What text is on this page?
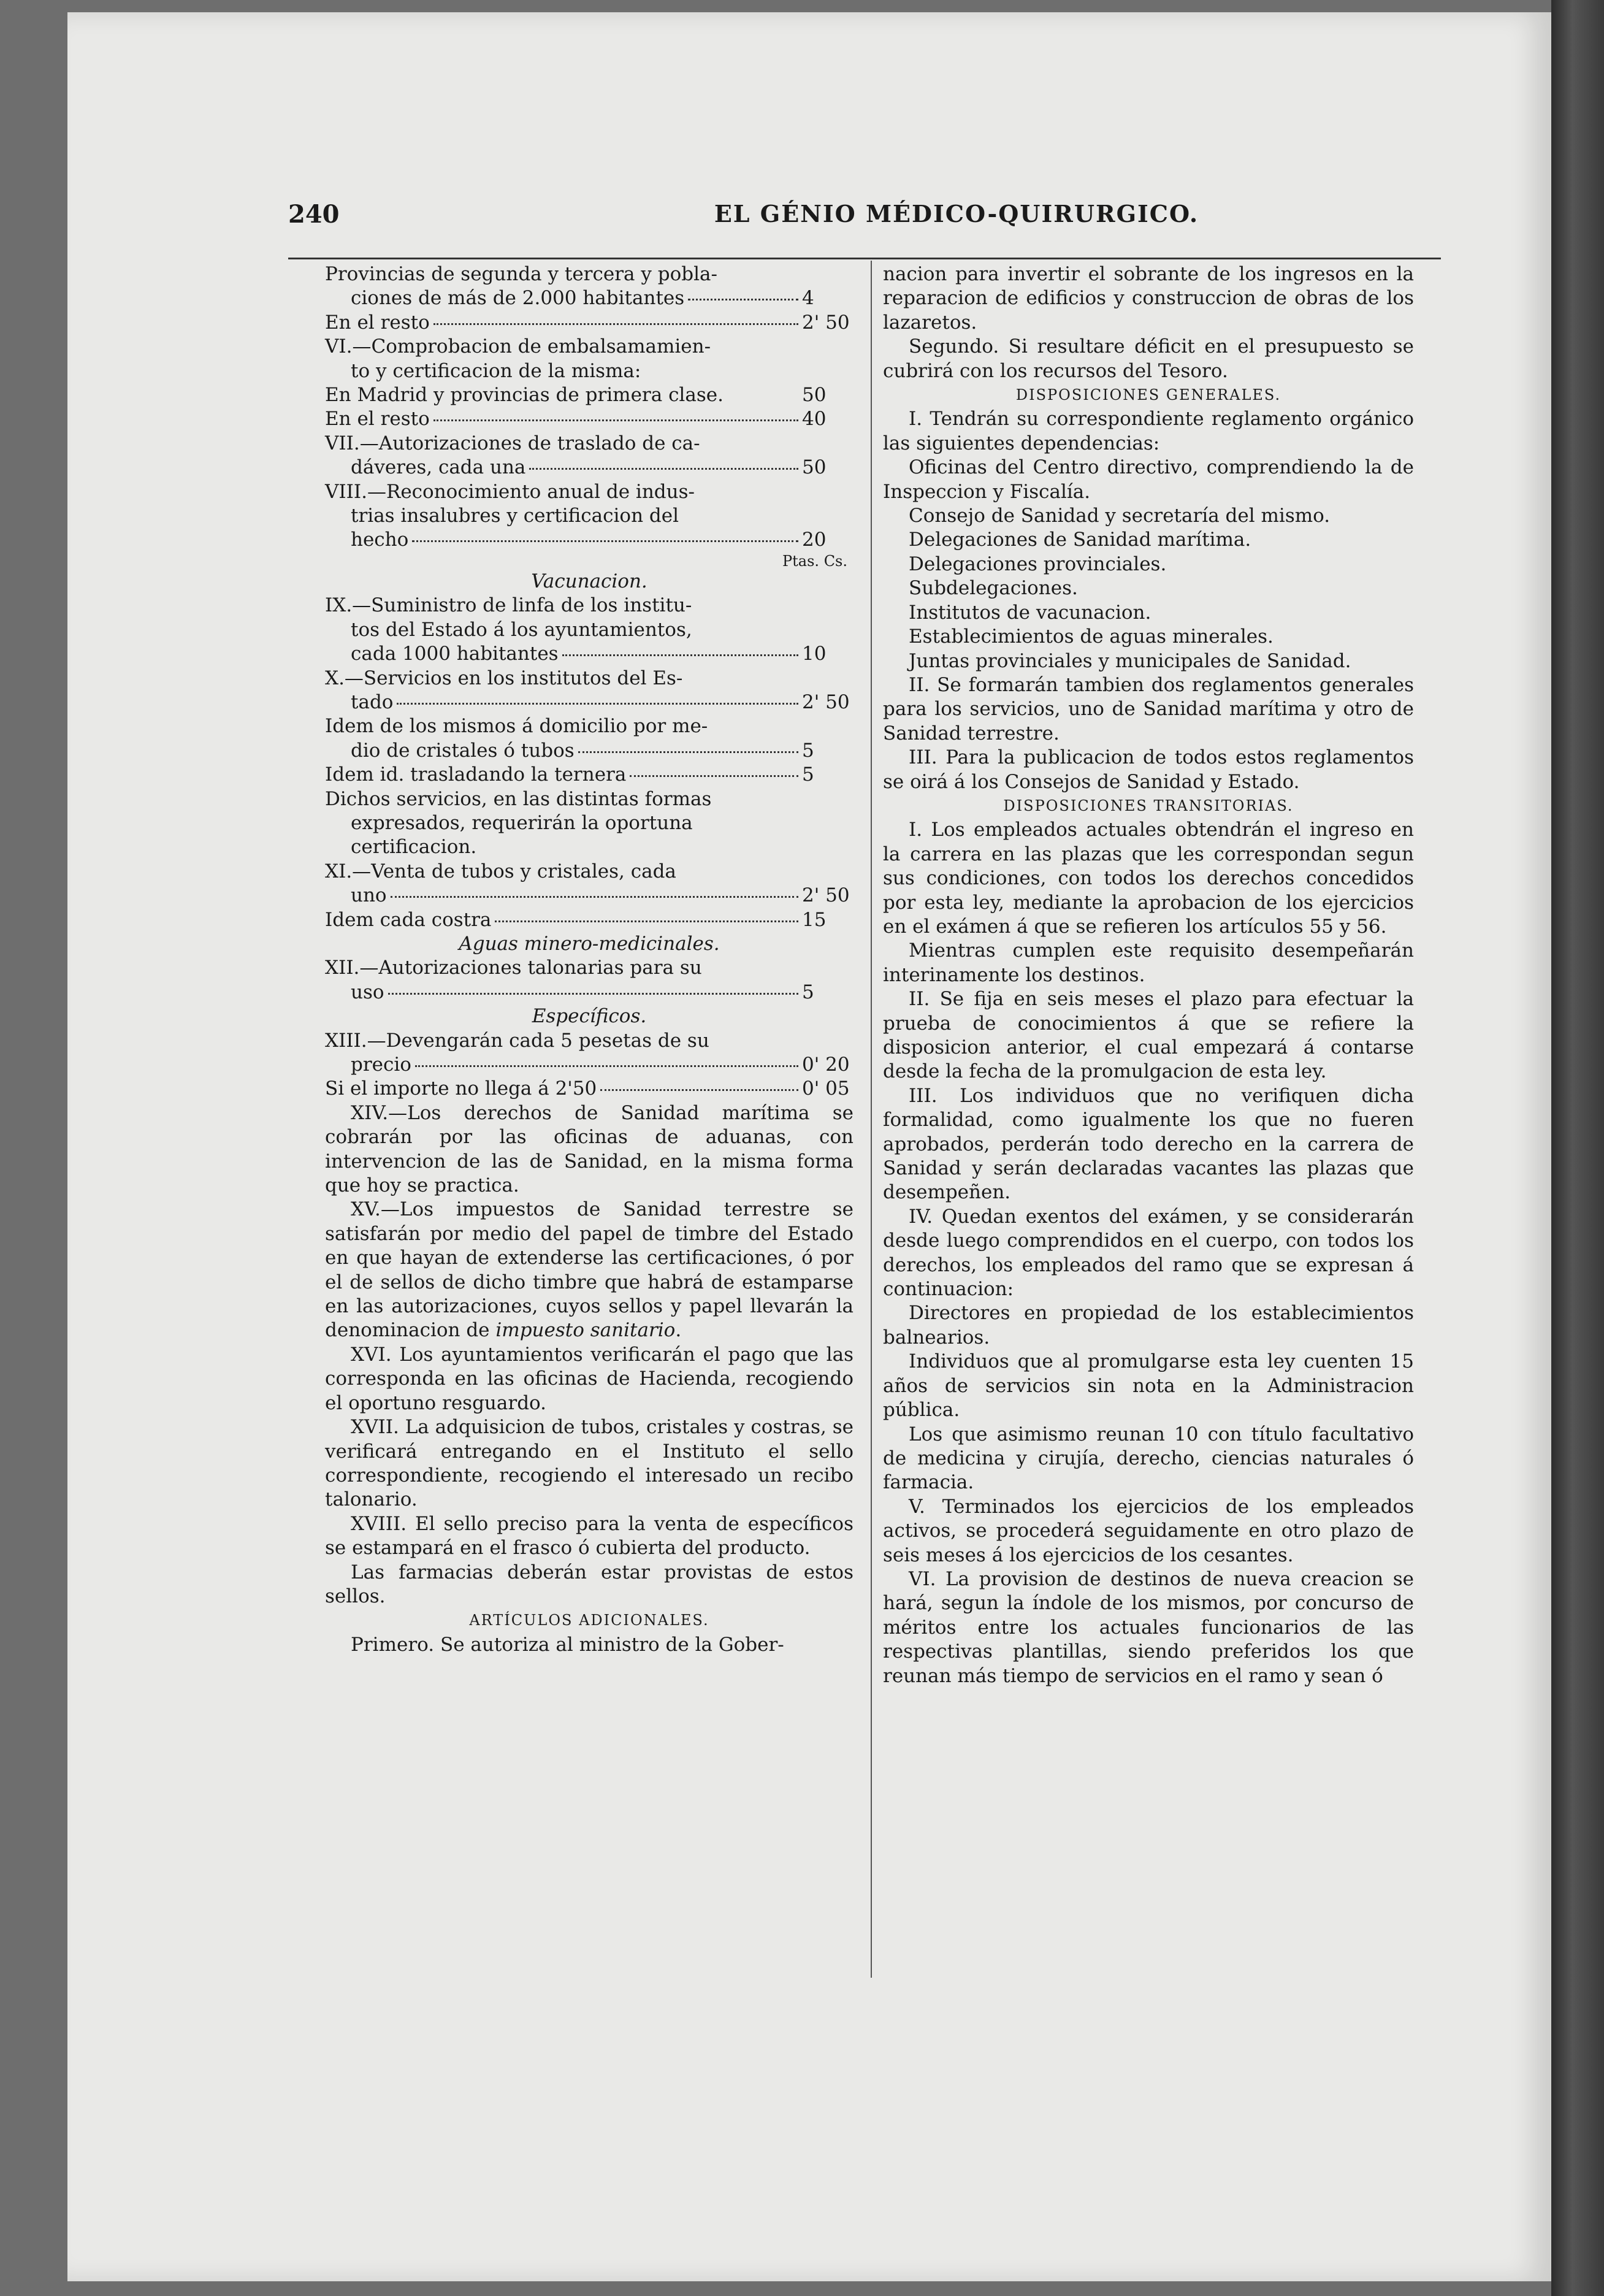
240	EL GÉNIO MÉDICO-QUIRURGICO.
Provincias de segunda y tercera y pobla-
ciones de más de 2.000 habitantes	4
En el resto	2' 50
VI.—Comprobacion de embalsamamien-
to y certificacion de la misma:
En Madrid y provincias de primera clase.	50
En el resto	40
VII.—Autorizaciones de traslado de ca-
dáveres, cada una	50
VIII.—Reconocimiento anual de indus-
trias insalubres y certificacion del
hecho	20
Ptas. Cs.
Vacunacion.
IX.—Suministro de linfa de los institu-
tos del Estado á los ayuntamientos,
cada 1000 habitantes	10
X.—Servicios en los institutos del Es-
tado	2' 50
Idem de los mismos á domicilio por me-
dio de cristales ó tubos	5
Idem id. trasladando la ternera	5
Dichos servicios, en las distintas formas
expresados, requerirán la oportuna
certificacion.
XI.—Venta de tubos y cristales, cada
uno	2' 50
Idem cada costra	15
Aguas minero-medicinales.
XII.—Autorizaciones talonarias para su
uso	5
Específicos.
XIII.—Devengarán cada 5 pesetas de su
precio	0' 20
Si el importe no llega á 2'50	0' 05

XIV.—Los derechos de Sanidad marítima se cobrarán por las oficinas de aduanas, con intervencion de las de Sanidad, en la misma forma que hoy se practica.

XV.—Los impuestos de Sanidad terrestre se satisfarán por medio del papel de timbre del Estado en que hayan de extenderse las certificaciones, ó por el de sellos de dicho timbre que habrá de estamparse en las autorizaciones, cuyos sellos y papel llevarán la denominacion de impuesto sanitario.

XVI. Los ayuntamientos verificarán el pago que las corresponda en las oficinas de Hacienda, recogiendo el oportuno resguardo.

XVII. La adquisicion de tubos, cristales y costras, se verificará entregando en el Instituto el sello correspondiente, recogiendo el interesado un recibo talonario.

XVIII. El sello preciso para la venta de específicos se estampará en el frasco ó cubierta del producto.

Las farmacias deberán estar provistas de estos sellos.

ARTÍCULOS ADICIONALES.

Primero. Se autoriza al ministro de la Gober-

nacion para invertir el sobrante de los ingresos en la reparacion de edificios y construccion de obras de los lazaretos.

Segundo. Si resultare déficit en el presupuesto se cubrirá con los recursos del Tesoro.

DISPOSICIONES GENERALES.

I. Tendrán su correspondiente reglamento orgánico las siguientes dependencias:

Oficinas del Centro directivo, comprendiendo la de Inspeccion y Fiscalía.

Consejo de Sanidad y secretaría del mismo.

Delegaciones de Sanidad marítima.

Delegaciones provinciales.

Subdelegaciones.

Institutos de vacunacion.

Establecimientos de aguas minerales.

Juntas provinciales y municipales de Sanidad.

II. Se formarán tambien dos reglamentos generales para los servicios, uno de Sanidad marítima y otro de Sanidad terrestre.

III. Para la publicacion de todos estos reglamentos se oirá á los Consejos de Sanidad y Estado.

DISPOSICIONES TRANSITORIAS.

I. Los empleados actuales obtendrán el ingreso en la carrera en las plazas que les correspondan segun sus condiciones, con todos los derechos concedidos por esta ley, mediante la aprobacion de los ejercicios en el exámen á que se refieren los artículos 55 y 56.

Mientras cumplen este requisito desempeñarán interinamente los destinos.

II. Se fija en seis meses el plazo para efectuar la prueba de conocimientos á que se refiere la disposicion anterior, el cual empezará á contarse desde la fecha de la promulgacion de esta ley.

III. Los individuos que no verifiquen dicha formalidad, como igualmente los que no fueren aprobados, perderán todo derecho en la carrera de Sanidad y serán declaradas vacantes las plazas que desempeñen.

IV. Quedan exentos del exámen, y se considerarán desde luego comprendidos en el cuerpo, con todos los derechos, los empleados del ramo que se expresan á continuacion:

Directores en propiedad de los establecimientos balnearios.

Individuos que al promulgarse esta ley cuenten 15 años de servicios sin nota en la Administracion pública.

Los que asimismo reunan 10 con título facultativo de medicina y cirujía, derecho, ciencias naturales ó farmacia.

V. Terminados los ejercicios de los empleados activos, se procederá seguidamente en otro plazo de seis meses á los ejercicios de los cesantes.

VI. La provision de destinos de nueva creacion se hará, segun la índole de los mismos, por concurso de méritos entre los actuales funcionarios de las respectivas plantillas, siendo preferidos los que reunan más tiempo de servicios en el ramo y sean ó
